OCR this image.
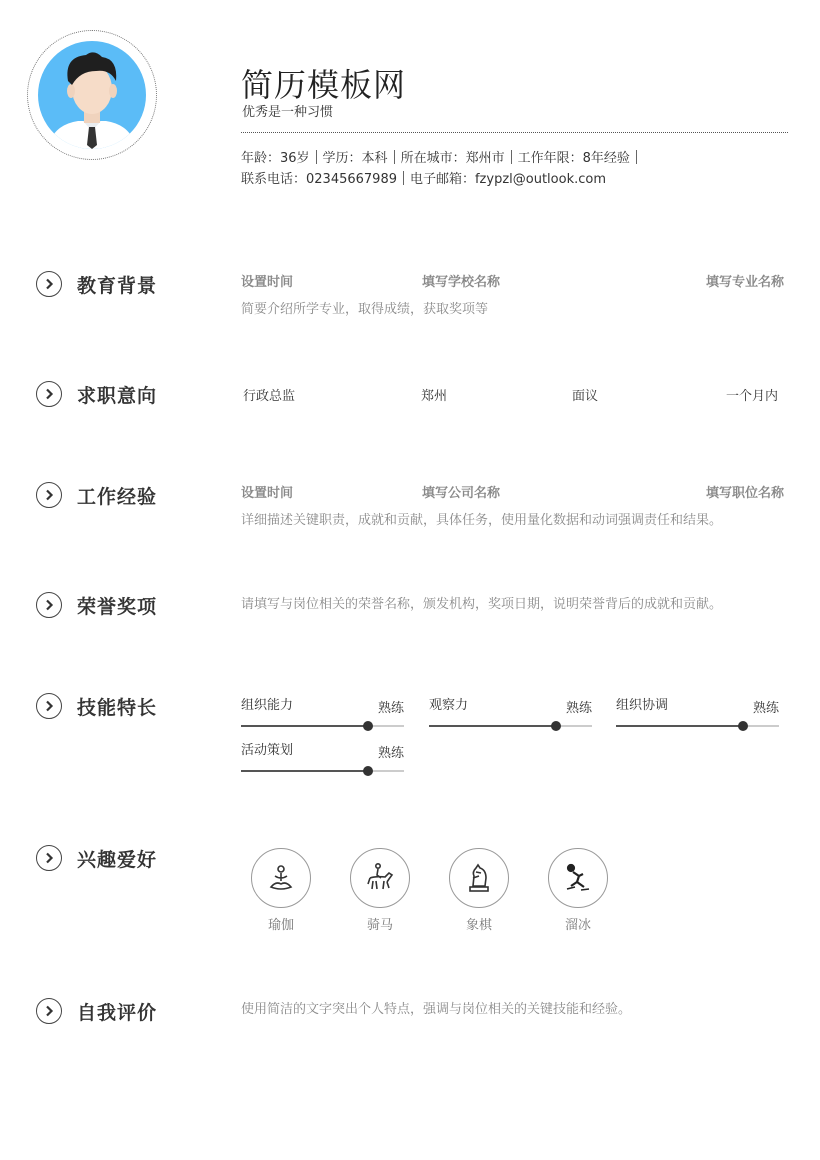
简历模板网
优秀是一种习惯
年龄：36岁 学历：本科 所在城市：郑州市 工作年限：8年经验
联系电话：02345667989 电子邮箱：fzypzl@outlook.com
教育背景	设置时间	填写学校名称	填写专业名称
简要介绍所学专业，取得成绩，获取奖项等
求职意向	行政总监	郑州	面议	一个月内
工作经验	设置时间	填写公司名称	填写职位名称
详细描述关键职责，成就和贡献，具体任务，使用量化数据和动词强调责任和结果。
荣誉奖项	请填写与岗位相关的荣誉名称，颁发机构，奖项日期，说明荣誉背后的成就和贡献。
技能特长	组织能力	熟练 观察力	熟练 组织协调	熟练
活动策划	熟练
兴趣爱好
瑜伽	骑马	象棋	溜冰
自我评价	使用简洁的文字突出个人特点，强调与岗位相关的关键技能和经验。
